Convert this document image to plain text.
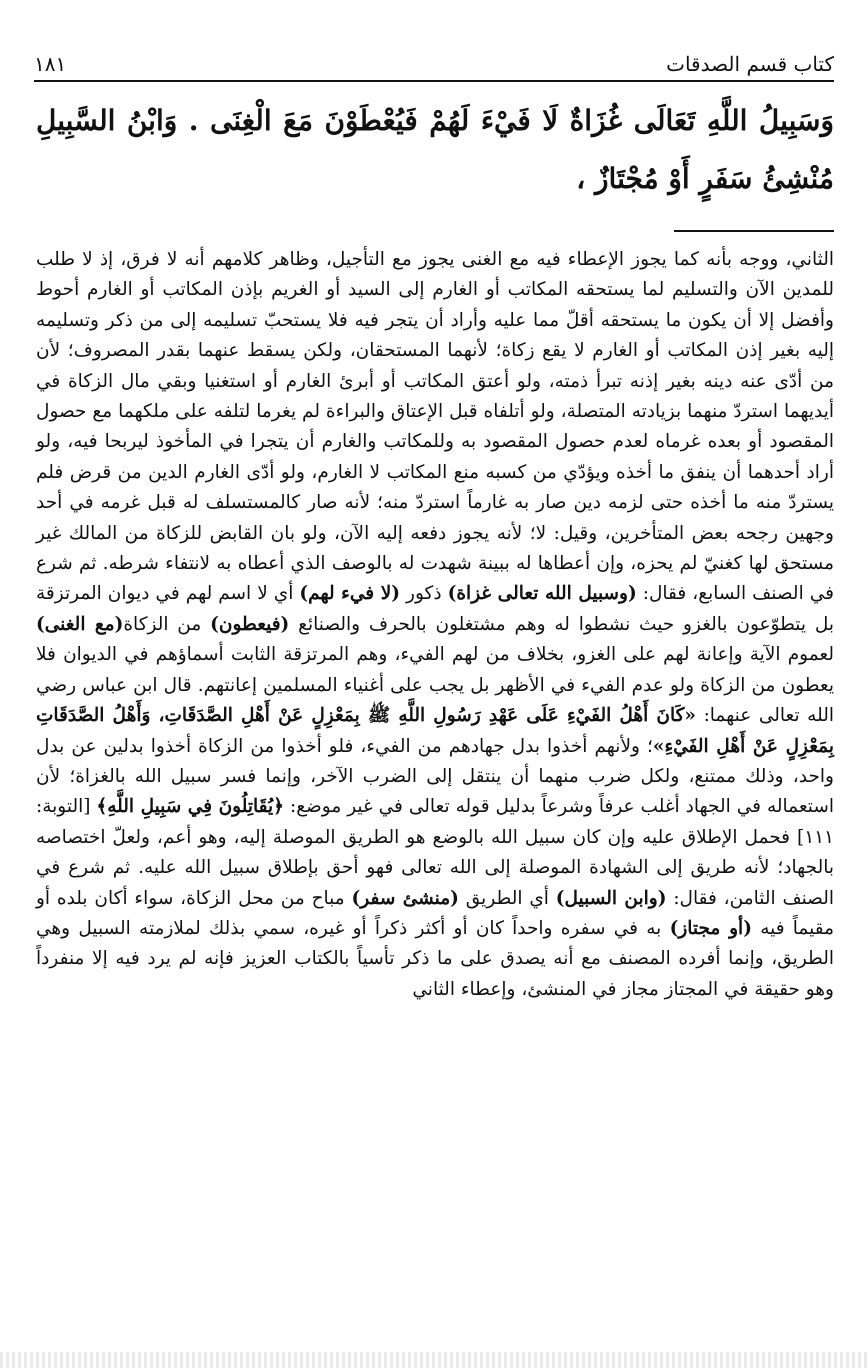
كتاب قسم الصدقات
١٨١
وَسَبِيلُ اللَّهِ تَعَالَى غُزَاةٌ لَا فَيْءَ لَهُمْ فَيُعْطَوْنَ مَعَ الْغِنَى . وَابْنُ السَّبِيلِ مُنْشِئُ سَفَرٍ أَوْ مُجْتَازٌ ،

الثاني، ووجه بأنه كما يجوز الإعطاء فيه مع الغنى يجوز مع التأجيل، وظاهر كلامهم أنه لا فرق، إذ لا طلب للمدين الآن والتسليم لما يستحقه المكاتب أو الغارم إلى السيد أو الغريم بإذن المكاتب أو الغارم أحوط وأفضل إلا أن يكون ما يستحقه أقلّ مما عليه وأراد أن يتجر فيه فلا يستحبّ تسليمه إلى من ذكر وتسليمه إليه بغير إذن المكاتب أو الغارم لا يقع زكاة؛ لأنهما المستحقان، ولكن يسقط عنهما بقدر المصروف؛ لأن من أدّى عنه دينه بغير إذنه تبرأ ذمته، ولو أعتق المكاتب أو أبرئ الغارم أو استغنيا وبقي مال الزكاة في أيديهما استردّ منهما بزيادته المتصلة، ولو أتلفاه قبل الإعتاق والبراءة لم يغرما لتلفه على ملكهما مع حصول المقصود أو بعده غرماه لعدم حصول المقصود به وللمكاتب والغارم أن يتجرا في المأخوذ ليربحا فيه، ولو أراد أحدهما أن ينفق ما أخذه ويؤدّي من كسبه منع المكاتب لا الغارم، ولو أدّى الغارم الدين من قرض فلم يستردّ منه ما أخذه حتى لزمه دين صار به غارماً استردّ منه؛ لأنه صار كالمستسلف له قبل غرمه في أحد وجهين رجحه بعض المتأخرين، وقيل: لا؛ لأنه يجوز دفعه إليه الآن، ولو بان القابض للزكاة من المالك غير مستحق لها كغنيّ لم يحزه، وإن أعطاها له ببينة شهدت له بالوصف الذي أعطاه به لانتفاء شرطه. ثم شرع في الصنف السابع، فقال: (وسبيل الله تعالى غزاة) ذكور (لا فيء لهم) أي لا اسم لهم في ديوان المرتزقة بل يتطوّعون بالغزو حيث نشطوا له وهم مشتغلون بالحرف والصنائع (فيعطون) من الزكاة(مع الغنى) لعموم الآية وإعانة لهم على الغزو، بخلاف من لهم الفيء، وهم المرتزقة الثابت أسماؤهم في الديوان فلا يعطون من الزكاة ولو عدم الفيء في الأظهر بل يجب على أغنياء المسلمين إعانتهم. قال ابن عباس رضي الله تعالى عنهما: «كَانَ أَهْلُ الفَيْءِ عَلَى عَهْدِ رَسُولِ اللَّهِ ﷺ بِمَعْزِلٍ عَنْ أَهْلِ الصَّدَقَاتِ، وَأَهْلُ الصَّدَقَاتِ بِمَعْزِلٍ عَنْ أَهْلِ الفَيْءِ»؛ ولأنهم أخذوا بدل جهادهم من الفيء، فلو أخذوا من الزكاة أخذوا بدلين عن بدل واحد، وذلك ممتنع، ولكل ضرب منهما أن ينتقل إلى الضرب الآخر، وإنما فسر سبيل الله بالغزاة؛ لأن استعماله في الجهاد أغلب عرفاً وشرعاً بدليل قوله تعالى في غير موضع: ﴿يُقَاتِلُونَ فِي سَبِيلِ اللَّهِ﴾ [التوبة: ١١١] فحمل الإطلاق عليه وإن كان سبيل الله بالوضع هو الطريق الموصلة إليه، وهو أعم، ولعلّ اختصاصه بالجهاد؛ لأنه طريق إلى الشهادة الموصلة إلى الله تعالى فهو أحق بإطلاق سبيل الله عليه. ثم شرع في الصنف الثامن، فقال: (وابن السبيل) أي الطريق (منشئ سفر) مباح من محل الزكاة، سواء أكان بلده أو مقيماً فيه (أو مجتاز) به في سفره واحداً كان أو أكثر ذكراً أو غيره، سمي بذلك لملازمته السبيل وهي الطريق، وإنما أفرده المصنف مع أنه يصدق على ما ذكر تأسياً بالكتاب العزيز فإنه لم يرد فيه إلا منفرداً وهو حقيقة في المجتاز مجاز في المنشئ، وإعطاء الثاني
